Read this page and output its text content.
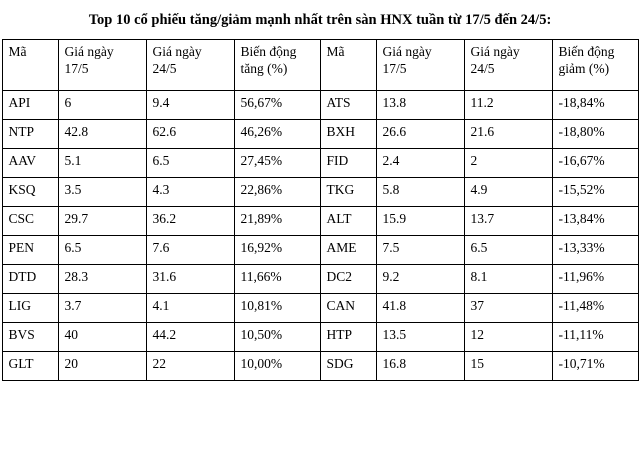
Top 10 cổ phiếu tăng/giảm mạnh nhất trên sàn HNX tuần từ 17/5 đến 24/5:
Mã	Giá ngày 17/5	Giá ngày 24/5	Biến động tăng (%)	Mã	Giá ngày 17/5	Giá ngày 24/5	Biến động giảm (%)
API	6	9.4	56,67%	ATS	13.8	11.2	-18,84%
NTP	42.8	62.6	46,26%	BXH	26.6	21.6	-18,80%
AAV	5.1	6.5	27,45%	FID	2.4	2	-16,67%
KSQ	3.5	4.3	22,86%	TKG	5.8	4.9	-15,52%
CSC	29.7	36.2	21,89%	ALT	15.9	13.7	-13,84%
PEN	6.5	7.6	16,92%	AME	7.5	6.5	-13,33%
DTD	28.3	31.6	11,66%	DC2	9.2	8.1	-11,96%
LIG	3.7	4.1	10,81%	CAN	41.8	37	-11,48%
BVS	40	44.2	10,50%	HTP	13.5	12	-11,11%
GLT	20	22	10,00%	SDG	16.8	15	-10,71%
